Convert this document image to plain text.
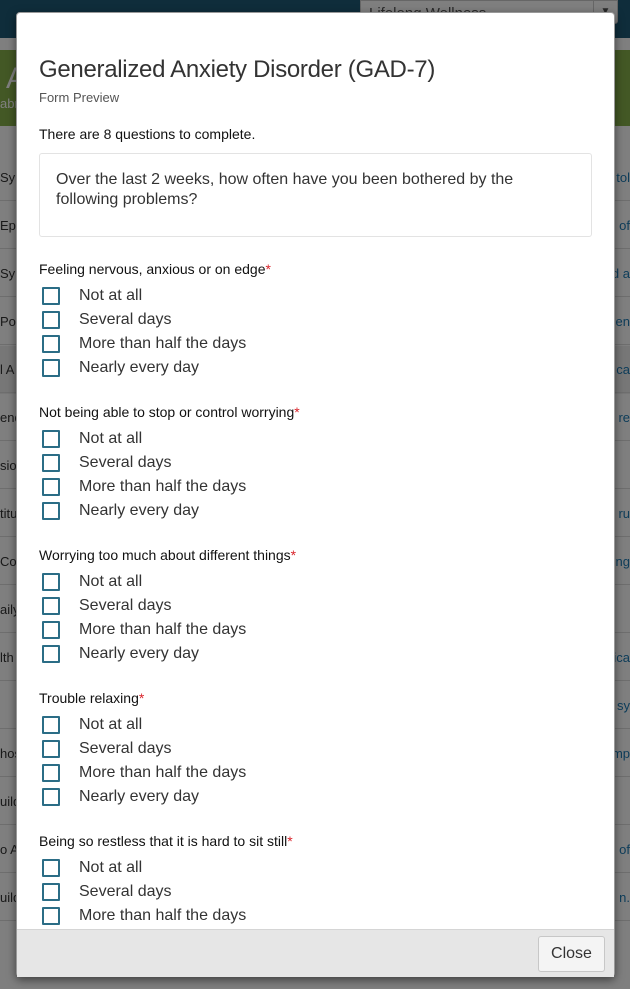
Generalized Anxiety Disorder (GAD-7)
Form Preview
There are 8 questions to complete.
Over the last 2 weeks, how often have you been bothered by the following problems?
Feeling nervous, anxious or on edge*
Not at all
Several days
More than half the days
Nearly every day
Not being able to stop or control worrying*
Not at all
Several days
More than half the days
Nearly every day
Worrying too much about different things*
Not at all
Several days
More than half the days
Nearly every day
Trouble relaxing*
Not at all
Several days
More than half the days
Nearly every day
Being so restless that it is hard to sit still*
Not at all
Several days
More than half the days
Close
